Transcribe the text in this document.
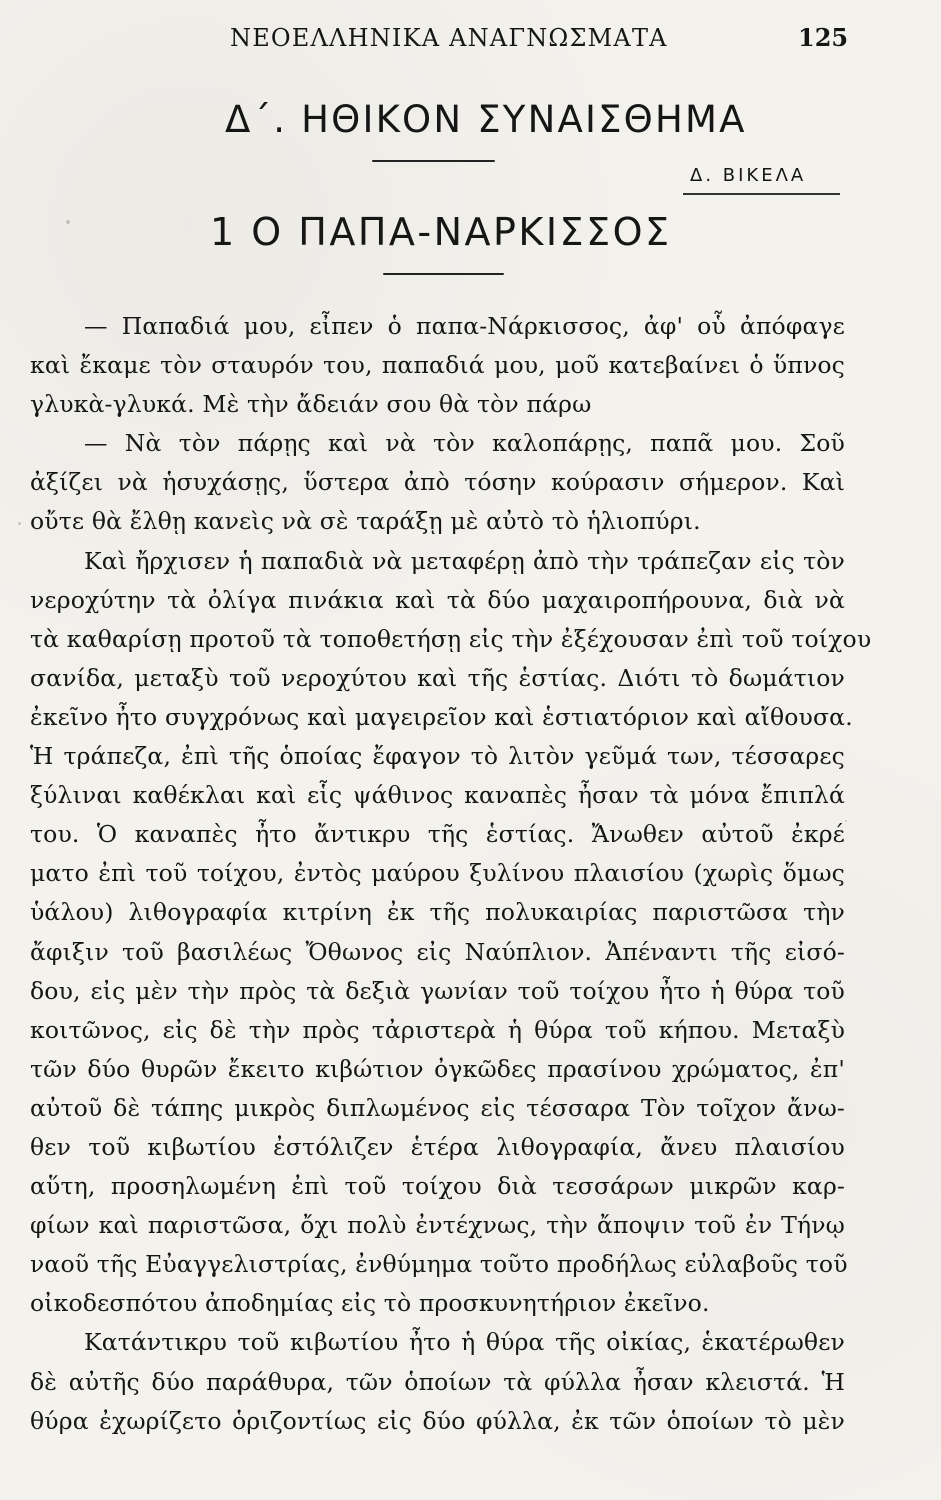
ΝΕΟΕΛΛΗΝΙΚΑ ΑΝΑΓΝΩΣΜΑΤΑ	125
Δ΄. ΗΘΙΚΟΝ ΣΥΝΑΙΣΘΗΜΑ
Δ. ΒΙΚΕΛΑ
1 Ο ΠΑΠΑ-ΝΑΡΚΙΣΣΟΣ
— Παπαδιά μου, εἶπεν ὁ παπα-Νάρκισσος, ἀφ' οὗ ἀπόφαγε
καὶ ἔκαμε τὸν σταυρόν του, παπαδιά μου, μοῦ κατεβαίνει ὁ ὕπνος
γλυκὰ-γλυκά. Μὲ τὴν ἄδειάν σου θὰ τὸν πάρω
— Νὰ τὸν πάρῃς καὶ νὰ τὸν καλοπάρῃς, παπᾶ μου. Σοῦ
ἀξίζει νὰ ἡσυχάσῃς, ὕστερα ἀπὸ τόσην κούρασιν σήμερον. Καὶ
οὔτε θὰ ἔλθῃ κανεὶς νὰ σὲ ταράξῃ μὲ αὐτὸ τὸ ἡλιοπύρι.
Καὶ ἤρχισεν ἡ παπαδιὰ νὰ μεταφέρῃ ἀπὸ τὴν τράπεζαν εἰς τὸν
νεροχύτην τὰ ὀλίγα πινάκια καὶ τὰ δύο μαχαιροπήρουνα, διὰ νὰ
τὰ καθαρίσῃ προτοῦ τὰ τοποθετήσῃ εἰς τὴν ἐξέχουσαν ἐπὶ τοῦ τοίχου
σανίδα, μεταξὺ τοῦ νεροχύτου καὶ τῆς ἑστίας. Διότι τὸ δωμάτιον
ἐκεῖνο ἦτο συγχρόνως καὶ μαγειρεῖον καὶ ἑστιατόριον καὶ αἴθουσα.
Ἡ τράπεζα, ἐπὶ τῆς ὁποίας ἔφαγον τὸ λιτὸν γεῦμά των, τέσσαρες
ξύλιναι καθέκλαι καὶ εἷς ψάθινος καναπὲς ἦσαν τὰ μόνα ἔπιπλά
του. Ὁ καναπὲς ἦτο ἄντικρυ τῆς ἑστίας. Ἄνωθεν αὐτοῦ ἐκρέ
ματο ἐπὶ τοῦ τοίχου, ἐντὸς μαύρου ξυλίνου πλαισίου (χωρὶς ὅμως
ὑάλου) λιθογραφία κιτρίνη ἐκ τῆς πολυκαιρίας παριστῶσα τὴν
ἄφιξιν τοῦ βασιλέως Ὄθωνος εἰς Ναύπλιον. Ἀπέναντι τῆς εἰσό-
δου, εἰς μὲν τὴν πρὸς τὰ δεξιὰ γωνίαν τοῦ τοίχου ἦτο ἡ θύρα τοῦ
κοιτῶνος, εἰς δὲ τὴν πρὸς τἀριστερὰ ἡ θύρα τοῦ κήπου. Μεταξὺ
τῶν δύο θυρῶν ἔκειτο κιβώτιον ὀγκῶδες πρασίνου χρώματος, ἐπ'
αὐτοῦ δὲ τάπης μικρὸς διπλωμένος εἰς τέσσαρα Τὸν τοῖχον ἄνω-
θεν τοῦ κιβωτίου ἐστόλιζεν ἑτέρα λιθογραφία, ἄνευ πλαισίου
αὕτη, προσηλωμένη ἐπὶ τοῦ τοίχου διὰ τεσσάρων μικρῶν καρ-
φίων καὶ παριστῶσα, ὄχι πολὺ ἐντέχνως, τὴν ἄποψιν τοῦ ἐν Τήνῳ
ναοῦ τῆς Εὐαγγελιστρίας, ἐνθύμημα τοῦτο προδήλως εὐλαβοῦς τοῦ
οἰκοδεσπότου ἀποδημίας εἰς τὸ προσκυνητήριον ἐκεῖνο.
Κατάντικρυ τοῦ κιβωτίου ἦτο ἡ θύρα τῆς οἰκίας, ἑκατέρωθεν
δὲ αὐτῆς δύο παράθυρα, τῶν ὁποίων τὰ φύλλα ἦσαν κλειστά. Ἡ
θύρα ἐχωρίζετο ὁριζοντίως εἰς δύο φύλλα, ἐκ τῶν ὁποίων τὸ μὲν
